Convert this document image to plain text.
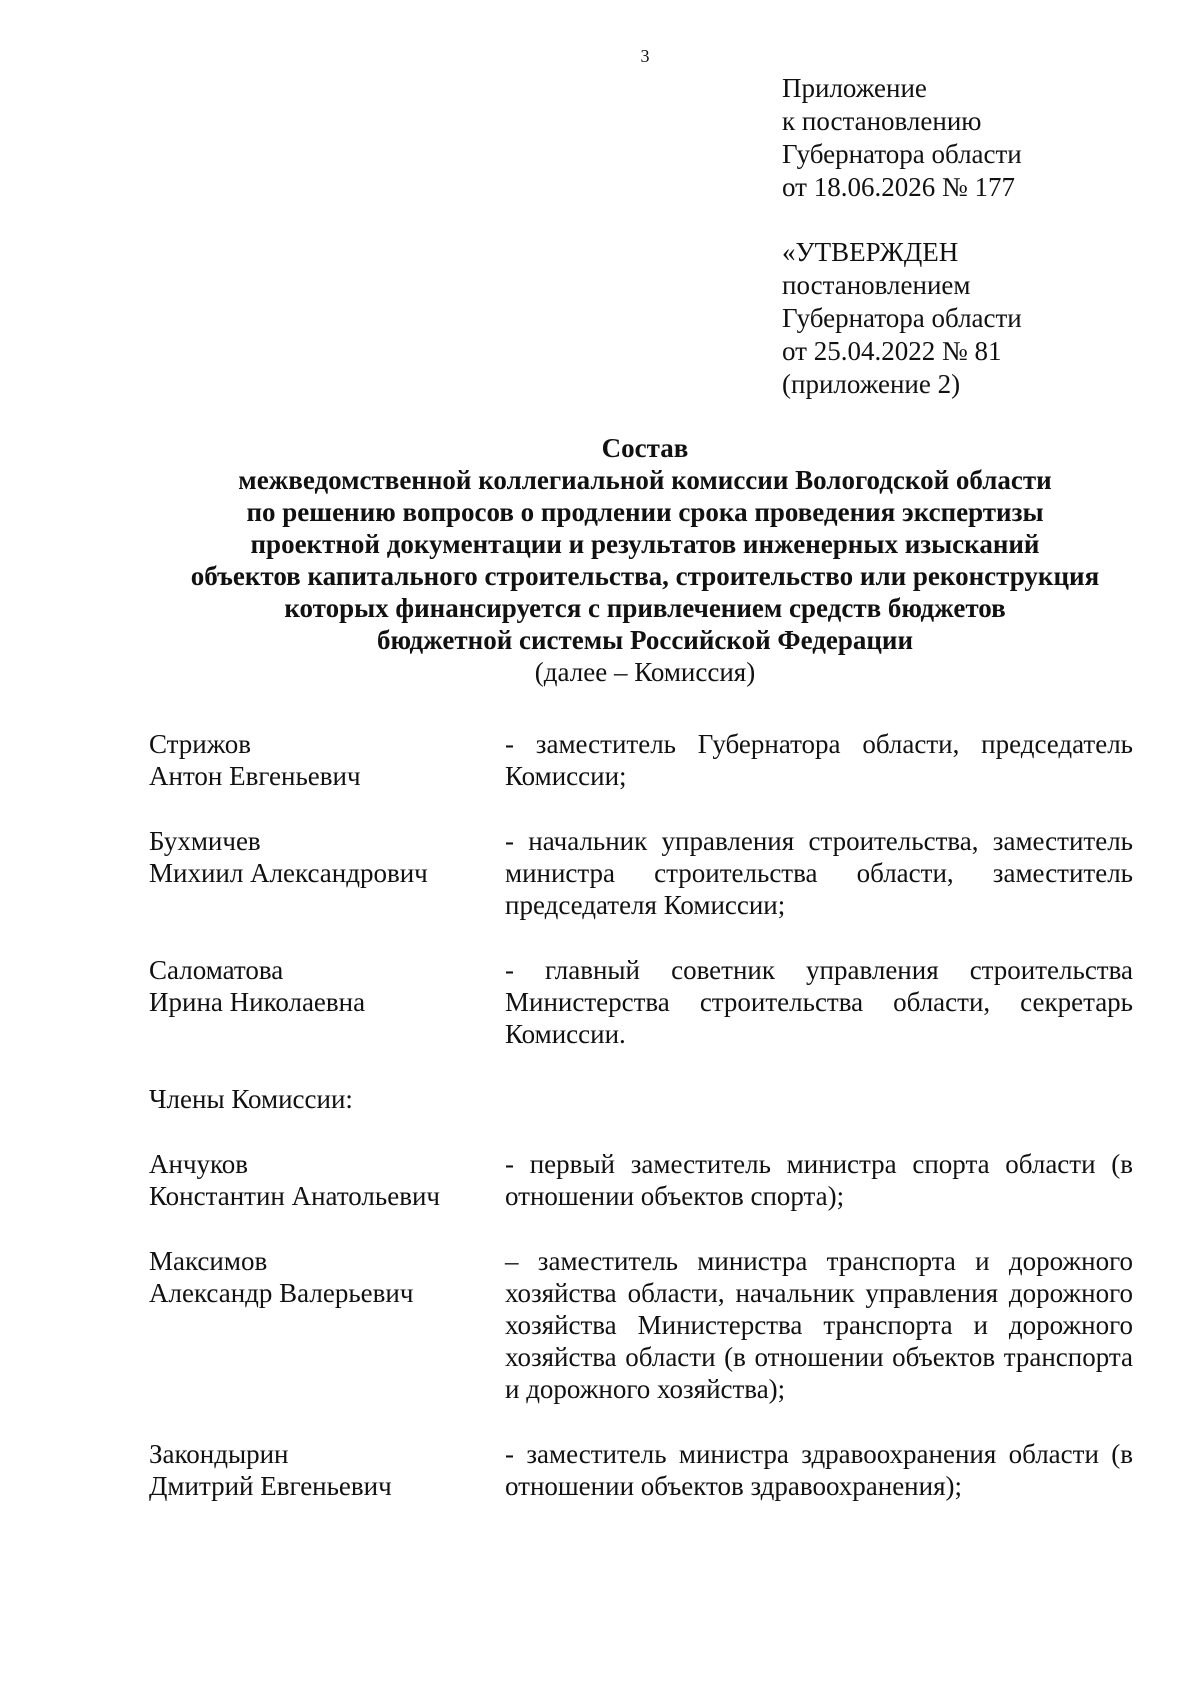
3
Приложение
к постановлению
Губернатора области
от 18.06.2026 № 177
«УТВЕРЖДЕН
постановлением
Губернатора области
от 25.04.2022 № 81
(приложение 2)
Состав
межведомственной коллегиальной комиссии Вологодской области
по решению вопросов о продлении срока проведения экспертизы
проектной документации и результатов инженерных изысканий
объектов капитального строительства, строительство или реконструкция
которых финансируется с привлечением средств бюджетов
бюджетной системы Российской Федерации
(далее – Комиссия)
Стрижов
Антон Евгеньевич
- заместитель Губернатора области, председатель Комиссии;
Бухмичев
Михиил Александрович
- начальник управления строительства, заместитель министра строительства области, заместитель председателя Комиссии;
Саломатова
Ирина Николаевна
- главный советник управления строительства Министерства строительства области, секретарь Комиссии.
Члены Комиссии:
Анчуков
Константин Анатольевич
- первый заместитель министра спорта области (в отношении объектов спорта);
Максимов
Александр Валерьевич
– заместитель министра транспорта и дорожного хозяйства области, начальник управления дорожного хозяйства Министерства транспорта и дорожного хозяйства области (в отношении объектов транспорта и дорожного хозяйства);
Закондырин
Дмитрий Евгеньевич
- заместитель министра здравоохранения области (в отношении объектов здравоохранения);
